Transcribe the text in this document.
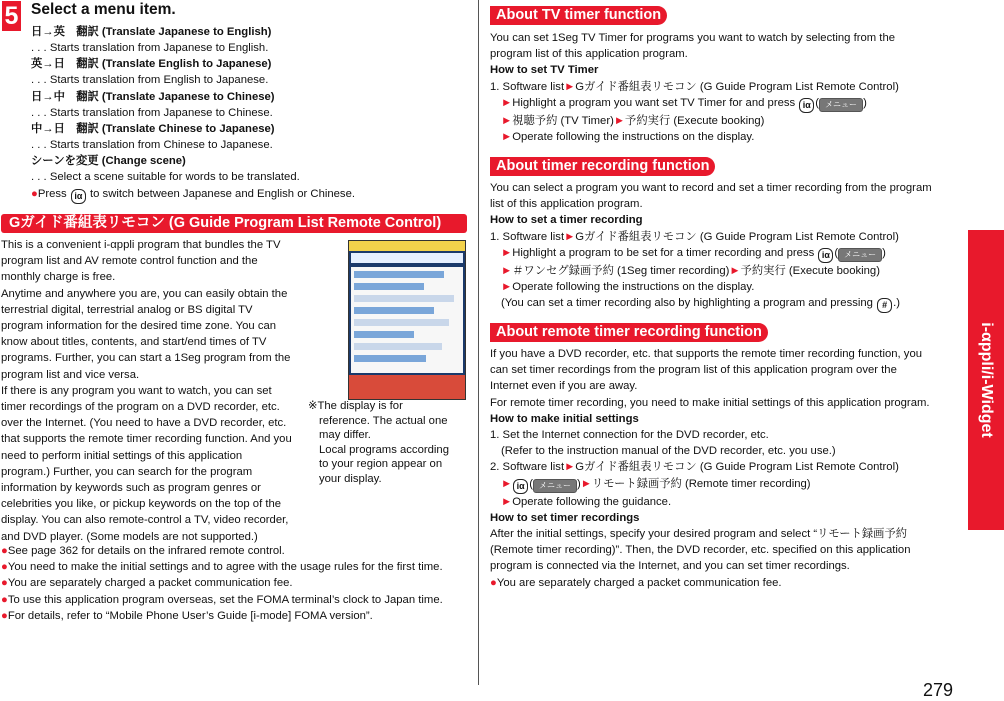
5 Select a menu item.
日→英　翻訳 (Translate Japanese to English)
. . . Starts translation from Japanese to English.
英→日　翻訳 (Translate English to Japanese)
. . . Starts translation from English to Japanese.
日→中　翻訳 (Translate Japanese to Chinese)
. . . Starts translation from Japanese to Chinese.
中→日　翻訳 (Translate Chinese to Japanese)
. . . Starts translation from Chinese to Japanese.
シーンを変更 (Change scene)
. . . Select a scene suitable for words to be translated.
●Press iα to switch between Japanese and English or Chinese.
Gガイド番組表リモコン (G Guide Program List Remote Control)
This is a convenient i-αppli program that bundles the TV
program list and AV remote control function and the
monthly charge is free.
Anytime and anywhere you are, you can easily obtain the
terrestrial digital, terrestrial analog or BS digital TV
program information for the desired time zone. You can
know about titles, contents, and start/end times of TV
programs. Further, you can start a 1Seg program from the
program list and vice versa.
If there is any program you want to watch, you can set
timer recordings of the program on a DVD recorder, etc.
over the Internet. (You need to have a DVD recorder, etc.
that supports the remote timer recording function. And you
need to perform initial settings of this application
program.) Further, you can search for the program
information by keywords such as program genres or
celebrities you like, or pickup keywords on the top of the
display. You can also remote-control a TV, video recorder,
and DVD player. (Some models are not supported.)
※The display is for
reference. The actual one
may differ.
Local programs according
to your region appear on
your display.
●See page 362 for details on the infrared remote control.
●You need to make the initial settings and to agree with the usage rules for the first time.
●You are separately charged a packet communication fee.
●To use this application program overseas, set the FOMA terminal’s clock to Japan time.
●For details, refer to “Mobile Phone User’s Guide [i-mode] FOMA version”.
About TV timer function
You can set 1Seg TV Timer for programs you want to watch by selecting from the
program list of this application program.
How to set TV Timer
1. Software list►Gガイド番組表リモコン (G Guide Program List Remote Control)
►Highlight a program you want set TV Timer for and press iα ( メニュー )
►視聴予約 (TV Timer)►予約実行 (Execute booking)
►Operate following the instructions on the display.
About timer recording function
You can select a program you want to record and set a timer recording from the program
list of this application program.
How to set a timer recording
1. Software list►Gガイド番組表リモコン (G Guide Program List Remote Control)
►Highlight a program to be set for a timer recording and press iα ( メニュー )
►＃ワンセグ録画予約 (1Seg timer recording)►予約実行 (Execute booking)
►Operate following the instructions on the display.
(You can set a timer recording also by highlighting a program and pressing # .)
About remote timer recording function
If you have a DVD recorder, etc. that supports the remote timer recording function, you
can set timer recordings from the program list of this application program over the
Internet even if you are away.
For remote timer recording, you need to make initial settings of this application program.
How to make initial settings
1. Set the Internet connection for the DVD recorder, etc.
(Refer to the instruction manual of the DVD recorder, etc. you use.)
2. Software list►Gガイド番組表リモコン (G Guide Program List Remote Control)
► iα ( メニュー )►リモート録画予約 (Remote timer recording)
►Operate following the guidance.
How to set timer recordings
After the initial settings, specify your desired program and select “リモート録画予約
(Remote timer recording)”. Then, the DVD recorder, etc. specified on this application
program is connected via the Internet, and you can set timer recordings.
●You are separately charged a packet communication fee.
i-αppli/i-Widget
279
